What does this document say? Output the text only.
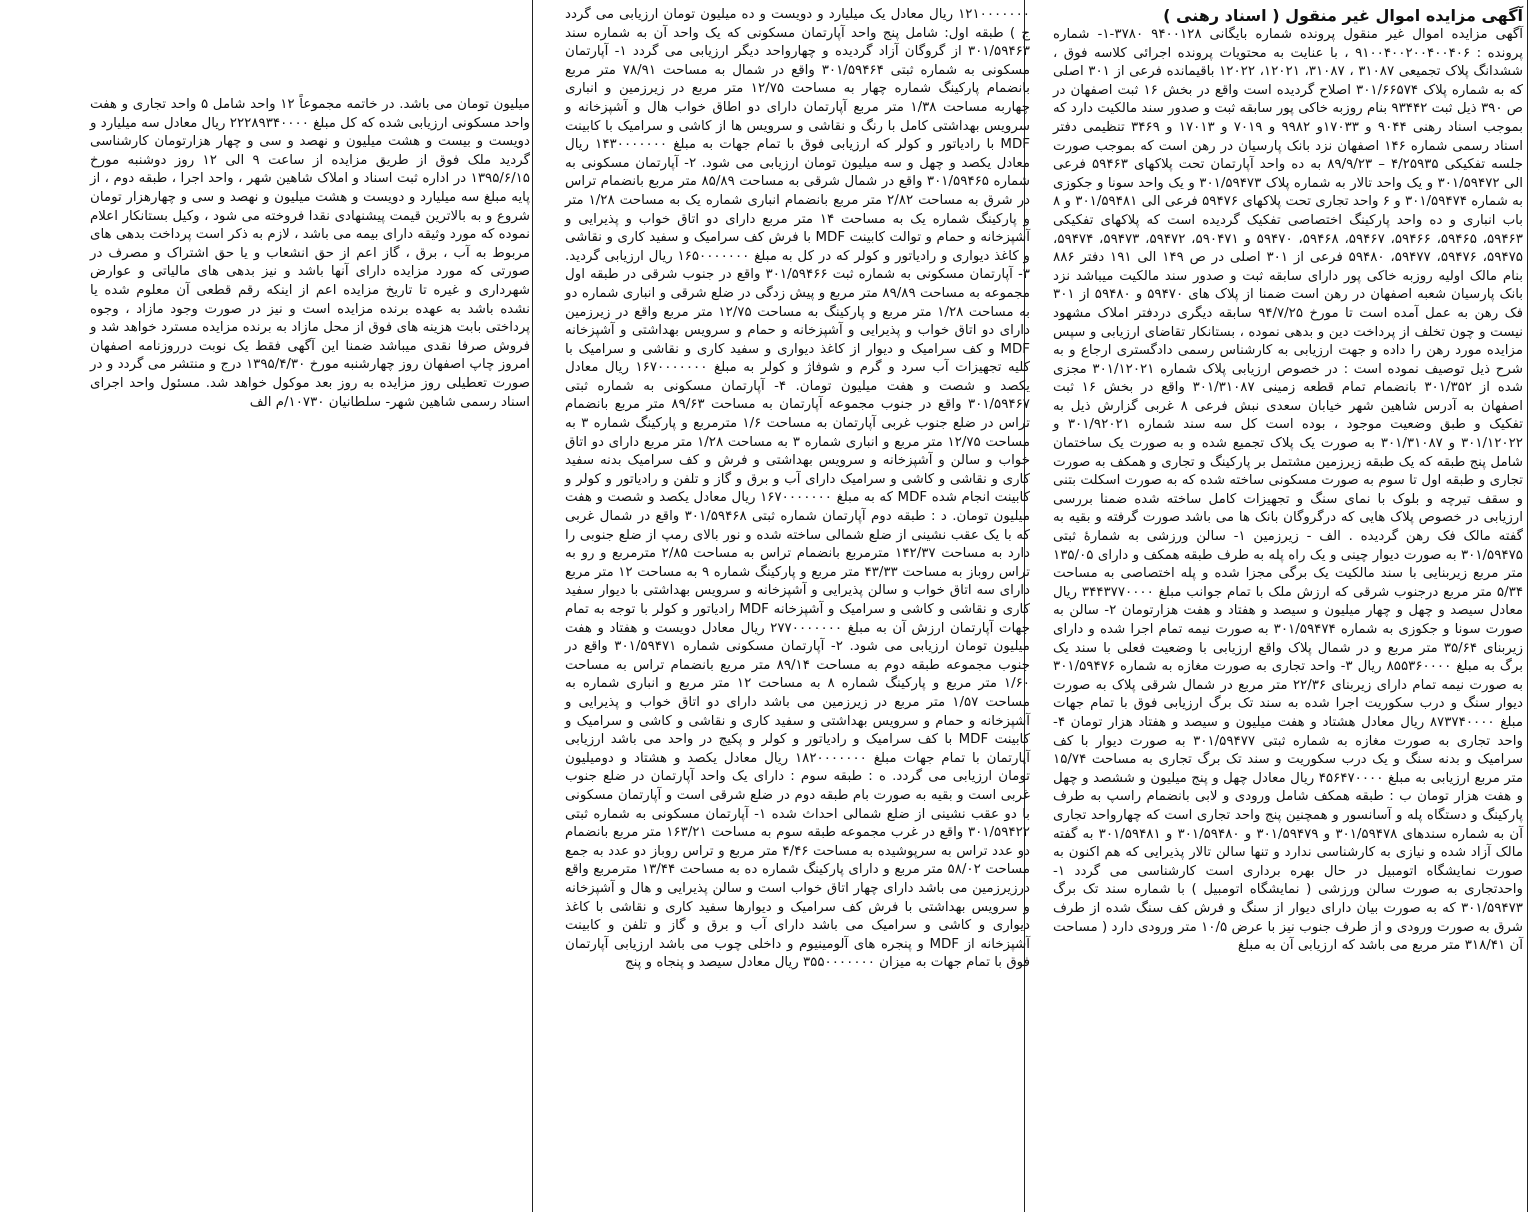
آگهی مزایده اموال غیر منقول ( اسناد رهنی )

آگهی مزایده اموال غیر منقول پرونده شماره بایگانی ۹۴۰۰۱۲۸ ۳۷۸۰-۱- شماره پرونده : ۹۱۰۰۴۰۰۲۰۰۴۰۰۴۰۶ ، با عنایت به محتویات پرونده اجرائی کلاسه فوق ، ششدانگ پلاک تجمیعی ۳۱۰۸۷ ، ۳۱۰۸۷، ۱۲۰۲۱، ۱۲۰۲۲ باقیمانده فرعی از ۳۰۱ اصلی که به شماره پلاک ۳۰۱/۶۶۵۷۴ اصلاح گردیده است واقع در بخش ۱۶ ثبت اصفهان در ص ۳۹۰ ذیل ثبت ۹۳۴۴۲ بنام روزبه خاکی پور سابقه ثبت و صدور سند مالکیت دارد که بموجب اسناد رهنی ۹۰۴۴ و ۱۷۰۳۳و ۹۹۸۲ و ۷۰۱۹ و ۱۷۰۱۳ و ۳۴۶۹ تنظیمی دفتر اسناد رسمی شماره ۱۴۶ اصفهان نزد بانک پارسیان در رهن است که بموجب صورت جلسه تفکیکی ۴/۲۵۹۳۵ – ۸۹/۹/۲۳ به ده واحد آپارتمان تحت پلاکهای ۵۹۴۶۳ فرعی الی ۳۰۱/۵۹۴۷۲ و یک واحد تالار به شماره پلاک ۳۰۱/۵۹۴۷۳ و یک واحد سونا و جکوزی به شماره ۳۰۱/۵۹۴۷۴ و ۶ واحد تجاری تحت پلاکهای ۵۹۴۷۶ فرعی الی ۳۰۱/۵۹۴۸۱ و ۸ باب انباری و ده واحد پارکینگ اختصاصی تفکیک گردیده است که پلاکهای تفکیکی ۵۹۴۶۳، ۵۹۴۶۵، ۵۹۴۶۶، ۵۹۴۶۷، ۵۹۴۶۸، ۵۹۴۷۰ و ۵۹۰۴۷۱، ۵۹۴۷۲، ۵۹۴۷۳، ۵۹۴۷۴، ۵۹۴۷۵، ۵۹۴۷۶، ۵۹۴۷۷، ۵۹۴۸۰ فرعی از ۳۰۱ اصلی در ص ۱۴۹ الی ۱۹۱ دفتر ۸۸۶ بنام مالک اولیه روزبه خاکی پور دارای سابقه ثبت و صدور سند مالکیت میباشد نزد بانک پارسیان شعبه اصفهان در رهن است ضمنا از پلاک های ۵۹۴۷۰ و ۵۹۴۸۰ از ۳۰۱ فک رهن به عمل آمده است تا مورخ ۹۴/۷/۲۵ سابقه دیگری دردفتر املاک مشهود نیست و چون تخلف از پرداخت دین و بدهی نموده ، بستانکار تقاضای ارزیابی و سپس مزایده مورد رهن را داده و جهت ارزیابی به کارشناس رسمی دادگستری ارجاع و به شرح ذیل توصیف نموده است : در خصوص ارزیابی پلاک شماره ۳۰۱/۱۲۰۲۱ مجزی شده از ۳۰۱/۳۵۲ بانضمام تمام قطعه زمینی ۳۰۱/۳۱۰۸۷ واقع در بخش ۱۶ ثبت اصفهان به آدرس شاهین شهر خیابان سعدی نبش فرعی ۸ غربی گزارش ذیل به تفکیک و طبق وضعیت موجود ، بوده است کل سه سند شماره ۳۰۱/۹۲۰۲۱ و ۳۰۱/۱۲۰۲۲ و ۳۰۱/۳۱۰۸۷ به صورت یک پلاک تجمیع شده و به صورت یک ساختمان شامل پنج طبقه که یک طبقه زیرزمین مشتمل بر پارکینگ و تجاری و همکف به صورت تجاری و طبقه اول تا سوم به صورت مسکونی ساخته شده که به صورت اسکلت بتنی و سقف تیرچه و بلوک با نمای سنگ و تجهیزات کامل ساخته شده ضمنا بررسی ارزیابی در خصوص پلاک هایی که درگروگان بانک ها می باشد صورت گرفته و بقیه به گفته مالک فک رهن گردیده . الف - زیرزمین ۱- سالن ورزشی به شمارۀ ثبتی ۳۰۱/۵۹۴۷۵ به صورت دیوار چینی و یک راه پله به طرف طبقه همکف و دارای ۱۳۵/۰۵ متر مربع زیربنایی با سند مالکیت یک برگی مجزا شده و پله اختصاصی به مساحت ۵/۳۴ متر مربع درجنوب شرقی که ارزش ملک با تمام جوانب مبلغ ۳۴۴۳۷۷۰۰۰۰ ریال معادل سیصد و چهل و چهار میلیون و سیصد و هفتاد و هفت هزارتومان ۲- سالن به صورت سونا و جکوزی به شماره ۳۰۱/۵۹۴۷۴ به صورت نیمه تمام اجرا شده و دارای زیربنای ۳۵/۶۴ متر مربع و در شمال پلاک واقع ارزیابی با وضعیت فعلی با سند یک برگ به مبلغ ۸۵۵۳۶۰۰۰۰ ریال ۳- واحد تجاری به صورت مغازه به شماره ۳۰۱/۵۹۴۷۶ به صورت نیمه تمام دارای زیربنای ۲۲/۳۶ متر مربع در شمال شرقی پلاک به صورت دیوار سنگ و درب سکوریت اجرا شده به سند تک برگ ارزیابی فوق با تمام جهات مبلغ ۸۷۳۷۴۰۰۰۰ ریال معادل هشتاد و هفت میلیون و سیصد و هفتاد هزار تومان ۴- واحد تجاری به صورت مغازه به شماره ثبتی ۳۰۱/۵۹۴۷۷ به صورت دیوار با کف سرامیک و بدنه سنگ و یک درب سکوریت و سند تک برگ تجاری به مساحت ۱۵/۷۴ متر مربع ارزیابی به مبلغ ۴۵۶۴۷۰۰۰۰ ریال معادل چهل و پنج میلیون و ششصد و چهل و هفت هزار تومان ب : طبقه همکف شامل ورودی و لابی بانضمام راسپ به طرف پارکینگ و دستگاه پله و آسانسور و همچنین پنج واحد تجاری است که چهارواحد تجاری آن به شماره سندهای ۳۰۱/۵۹۴۷۸ و ۳۰۱/۵۹۴۷۹ و ۳۰۱/۵۹۴۸۰ و ۳۰۱/۵۹۴۸۱ به گفته مالک آزاد شده و نیازی به کارشناسی ندارد و تنها سالن تالار پذیرایی که هم اکنون به صورت نمایشگاه اتومبیل در حال بهره برداری است کارشناسی می گردد ۱- واحدتجاری به صورت سالن ورزشی ( نمایشگاه اتومبیل ) با شماره سند تک برگ ۳۰۱/۵۹۴۷۳ که به صورت بیان دارای دیوار از سنگ و فرش کف سنگ شده از طرف شرق به صورت ورودی و از طرف جنوب نیز با عرض ۱۰/۵ متر ورودی دارد ( مساحت آن ۳۱۸/۴۱ متر مربع می باشد که ارزیابی آن به مبلغ

۱۲۱۰۰۰۰۰۰۰ ریال معادل یک میلیارد و دویست و ده میلیون تومان ارزیابی می گردد ج ) طبقه اول: شامل پنج واحد آپارتمان مسکونی که یک واحد آن به شماره سند ۳۰۱/۵۹۴۶۳ از گروگان آزاد گردیده و چهارواحد دیگر ارزیابی می گردد ۱- آپارتمان مسکونی به شماره ثبتی ۳۰۱/۵۹۴۶۴ واقع در شمال به مساحت ۷۸/۹۱ متر مربع بانضمام پارکینگ شماره چهار به مساحت ۱۲/۷۵ متر مربع در زیرزمین و انباری چهاربه مساحت ۱/۳۸ متر مربع آپارتمان دارای دو اطاق خواب هال و آشپزخانه و سرویس بهداشتی کامل با رنگ و نقاشی و سرویس ها از کاشی و سرامیک با کابینت MDF با رادیاتور و کولر که ارزیابی فوق با تمام جهات به مبلغ ۱۴۳۰۰۰۰۰۰۰ ریال معادل یکصد و چهل و سه میلیون تومان ارزیابی می شود. ۲- آپارتمان مسکونی به شماره ۳۰۱/۵۹۴۶۵ واقع در شمال شرقی به مساحت ۸۵/۸۹ متر مربع بانضمام تراس در شرق به مساحت ۲/۸۲ متر مربع بانضمام انباری شماره یک به مساحت ۱/۲۸ متر و پارکینگ شماره یک به مساحت ۱۴ متر مربع دارای دو اتاق خواب و پذیرایی و آشپزخانه و حمام و توالت کابینت MDF با فرش کف سرامیک و سفید کاری و نقاشی و کاغذ دیواری و رادیاتور و کولر که در کل به مبلغ ۱۶۵۰۰۰۰۰۰۰ ریال ارزیابی گردید. ۳- آپارتمان مسکونی به شماره ثبت ۳۰۱/۵۹۴۶۶ واقع در جنوب شرقی در طبقه اول مجموعه به مساحت ۸۹/۸۹ متر مربع و پیش زدگی در ضلع شرقی و انباری شماره دو به مساحت ۱/۲۸ متر مربع و پارکینگ به مساحت ۱۲/۷۵ متر مربع واقع در زیرزمین دارای دو اتاق خواب و پذیرایی و آشپزخانه و حمام و سرویس بهداشتی و آشپزخانه MDF و کف سرامیک و دیوار از کاغذ دیواری و سفید کاری و نقاشی و سرامیک با کلیه تجهیزات آب سرد و گرم و شوفاژ و کولر به مبلغ ۱۶۷۰۰۰۰۰۰۰ ریال معادل یکصد و شصت و هفت میلیون تومان. ۴- آپارتمان مسکونی به شماره ثبتی ۳۰۱/۵۹۴۶۷ واقع در جنوب مجموعه آپارتمان به مساحت ۸۹/۶۳ متر مربع بانضمام تراس در ضلع جنوب غربی آپارتمان به مساحت ۱/۶ مترمربع و پارکینگ شماره ۳ به مساحت ۱۲/۷۵ متر مربع و انباری شماره ۳ به مساحت ۱/۲۸ متر مربع دارای دو اتاق خواب و سالن و آشپزخانه و سرویس بهداشتی و فرش و کف سرامیک بدنه سفید کاری و نقاشی و کاشی و سرامیک دارای آب و برق و گاز و تلفن و رادیاتور و کولر و کابینت انجام شده MDF که به مبلغ ۱۶۷۰۰۰۰۰۰۰ ریال معادل یکصد و شصت و هفت میلیون تومان. د : طبقه دوم آپارتمان شماره ثبتی ۳۰۱/۵۹۴۶۸ واقع در شمال غربی که با یک عقب نشینی از ضلع شمالی ساخته شده و نور بالای رمپ از ضلع جنوبی را دارد به مساحت ۱۴۲/۳۷ مترمربع بانضمام تراس به مساحت ۲/۸۵ مترمربع و رو به تراس روباز به مساحت ۴۳/۳۳ متر مربع و پارکینگ شماره ۹ به مساحت ۱۲ متر مربع دارای سه اتاق خواب و سالن پذیرایی و آشپزخانه و سرویس بهداشتی با دیوار سفید کاری و نقاشی و کاشی و سرامیک و آشپزخانه MDF رادیاتور و کولر با توجه به تمام جهات آپارتمان ارزش آن به مبلغ ۲۷۷۰۰۰۰۰۰۰ ریال معادل دویست و هفتاد و هفت میلیون تومان ارزیابی می شود. ۲- آپارتمان مسکونی شماره ۳۰۱/۵۹۴۷۱ واقع در جنوب مجموعه طبقه دوم به مساحت ۸۹/۱۴ متر مربع بانضمام تراس به مساحت ۱/۶۰ متر مربع و پارکینگ شماره ۸ به مساحت ۱۲ متر مربع و انباری شماره به مساحت ۱/۵۷ متر مربع در زیرزمین می باشد دارای دو اتاق خواب و پذیرایی و آشپزخانه و حمام و سرویس بهداشتی و سفید کاری و نقاشی و کاشی و سرامیک و کابینت MDF با کف سرامیک و رادیاتور و کولر و پکیج در واحد می باشد ارزیابی آپارتمان با تمام جهات مبلغ ۱۸۲۰۰۰۰۰۰۰ ریال معادل یکصد و هشتاد و دومیلیون تومان ارزیابی می گردد. ه : طبقه سوم : دارای یک واحد آپارتمان در ضلع جنوب غربی است و بقیه به صورت بام طبقه دوم در ضلع شرقی است و آپارتمان مسکونی با دو عقب نشینی از ضلع شمالی احداث شده ۱- آپارتمان مسکونی به شماره ثبتی ۳۰۱/۵۹۴۲۲ واقع در غرب مجموعه طبقه سوم به مساحت ۱۶۳/۲۱ متر مربع بانضمام دو عدد تراس به سرپوشیده به مساحت ۴/۴۶ متر مربع و تراس روباز دو عدد به جمع مساحت ۵۸/۰۲ متر مربع و دارای پارکینگ شماره ده به مساحت ۱۳/۴۴ مترمربع واقع درزیرزمین می باشد دارای چهار اتاق خواب است و سالن پذیرایی و هال و آشپزخانه و سرویس بهداشتی با فرش کف سرامیک و دیوارها سفید کاری و نقاشی با کاغذ دیواری و کاشی و سرامیک می باشد دارای آب و برق و گاز و تلفن و کابینت آشپزخانه از MDF و پنجره های آلومینیوم و داخلی چوب می باشد ارزیابی آپارتمان فوق با تمام جهات به میزان ۳۵۵۰۰۰۰۰۰۰ ریال معادل سیصد و پنجاه و پنج

میلیون تومان می باشد. در خاتمه مجموعاً ۱۲ واحد شامل ۵ واحد تجاری و هفت واحد مسکونی ارزیابی شده که کل مبلغ ۲۲۲۸۹۳۴۰۰۰۰ ریال معادل سه میلیارد و دویست و بیست و هشت میلیون و نهصد و سی و چهار هزارتومان کارشناسی گردید ملک فوق از طریق مزایده از ساعت ۹ الی ۱۲ روز دوشنبه مورخ ۱۳۹۵/۶/۱۵ در اداره ثبت اسناد و املاک شاهین شهر ، واحد اجرا ، طبقه دوم ، از پایه مبلغ سه میلیارد و دویست و هشت میلیون و نهصد و سی و چهارهزار تومان شروع و به بالاترین قیمت پیشنهادی نقدا فروخته می شود ، وکیل بستانکار اعلام نموده که مورد وثیقه دارای بیمه می باشد ، لازم به ذکر است پرداخت بدهی های مربوط به آب ، برق ، گاز اعم از حق انشعاب و یا حق اشتراک و مصرف در صورتی که مورد مزایده دارای آنها باشد و نیز بدهی های مالیاتی و عوارض شهرداری و غیره تا تاریخ مزایده اعم از اینکه رقم قطعی آن معلوم شده یا نشده باشد به عهده برنده مزایده است و نیز در صورت وجود مازاد ، وجوه پرداختی بابت هزینه های فوق از محل مازاد به برنده مزایده مسترد خواهد شد و فروش صرفا نقدی میباشد ضمنا این آگهی فقط یک نوبت درروزنامه اصفهان امروز چاپ اصفهان روز چهارشنبه مورخ ۱۳۹۵/۴/۳۰ درج و منتشر می گردد و در صورت تعطیلی روز مزایده به روز بعد موکول خواهد شد. مسئول واحد اجرای اسناد رسمی شاهین شهر- سلطانیان ۱۰۷۳۰/م الف
